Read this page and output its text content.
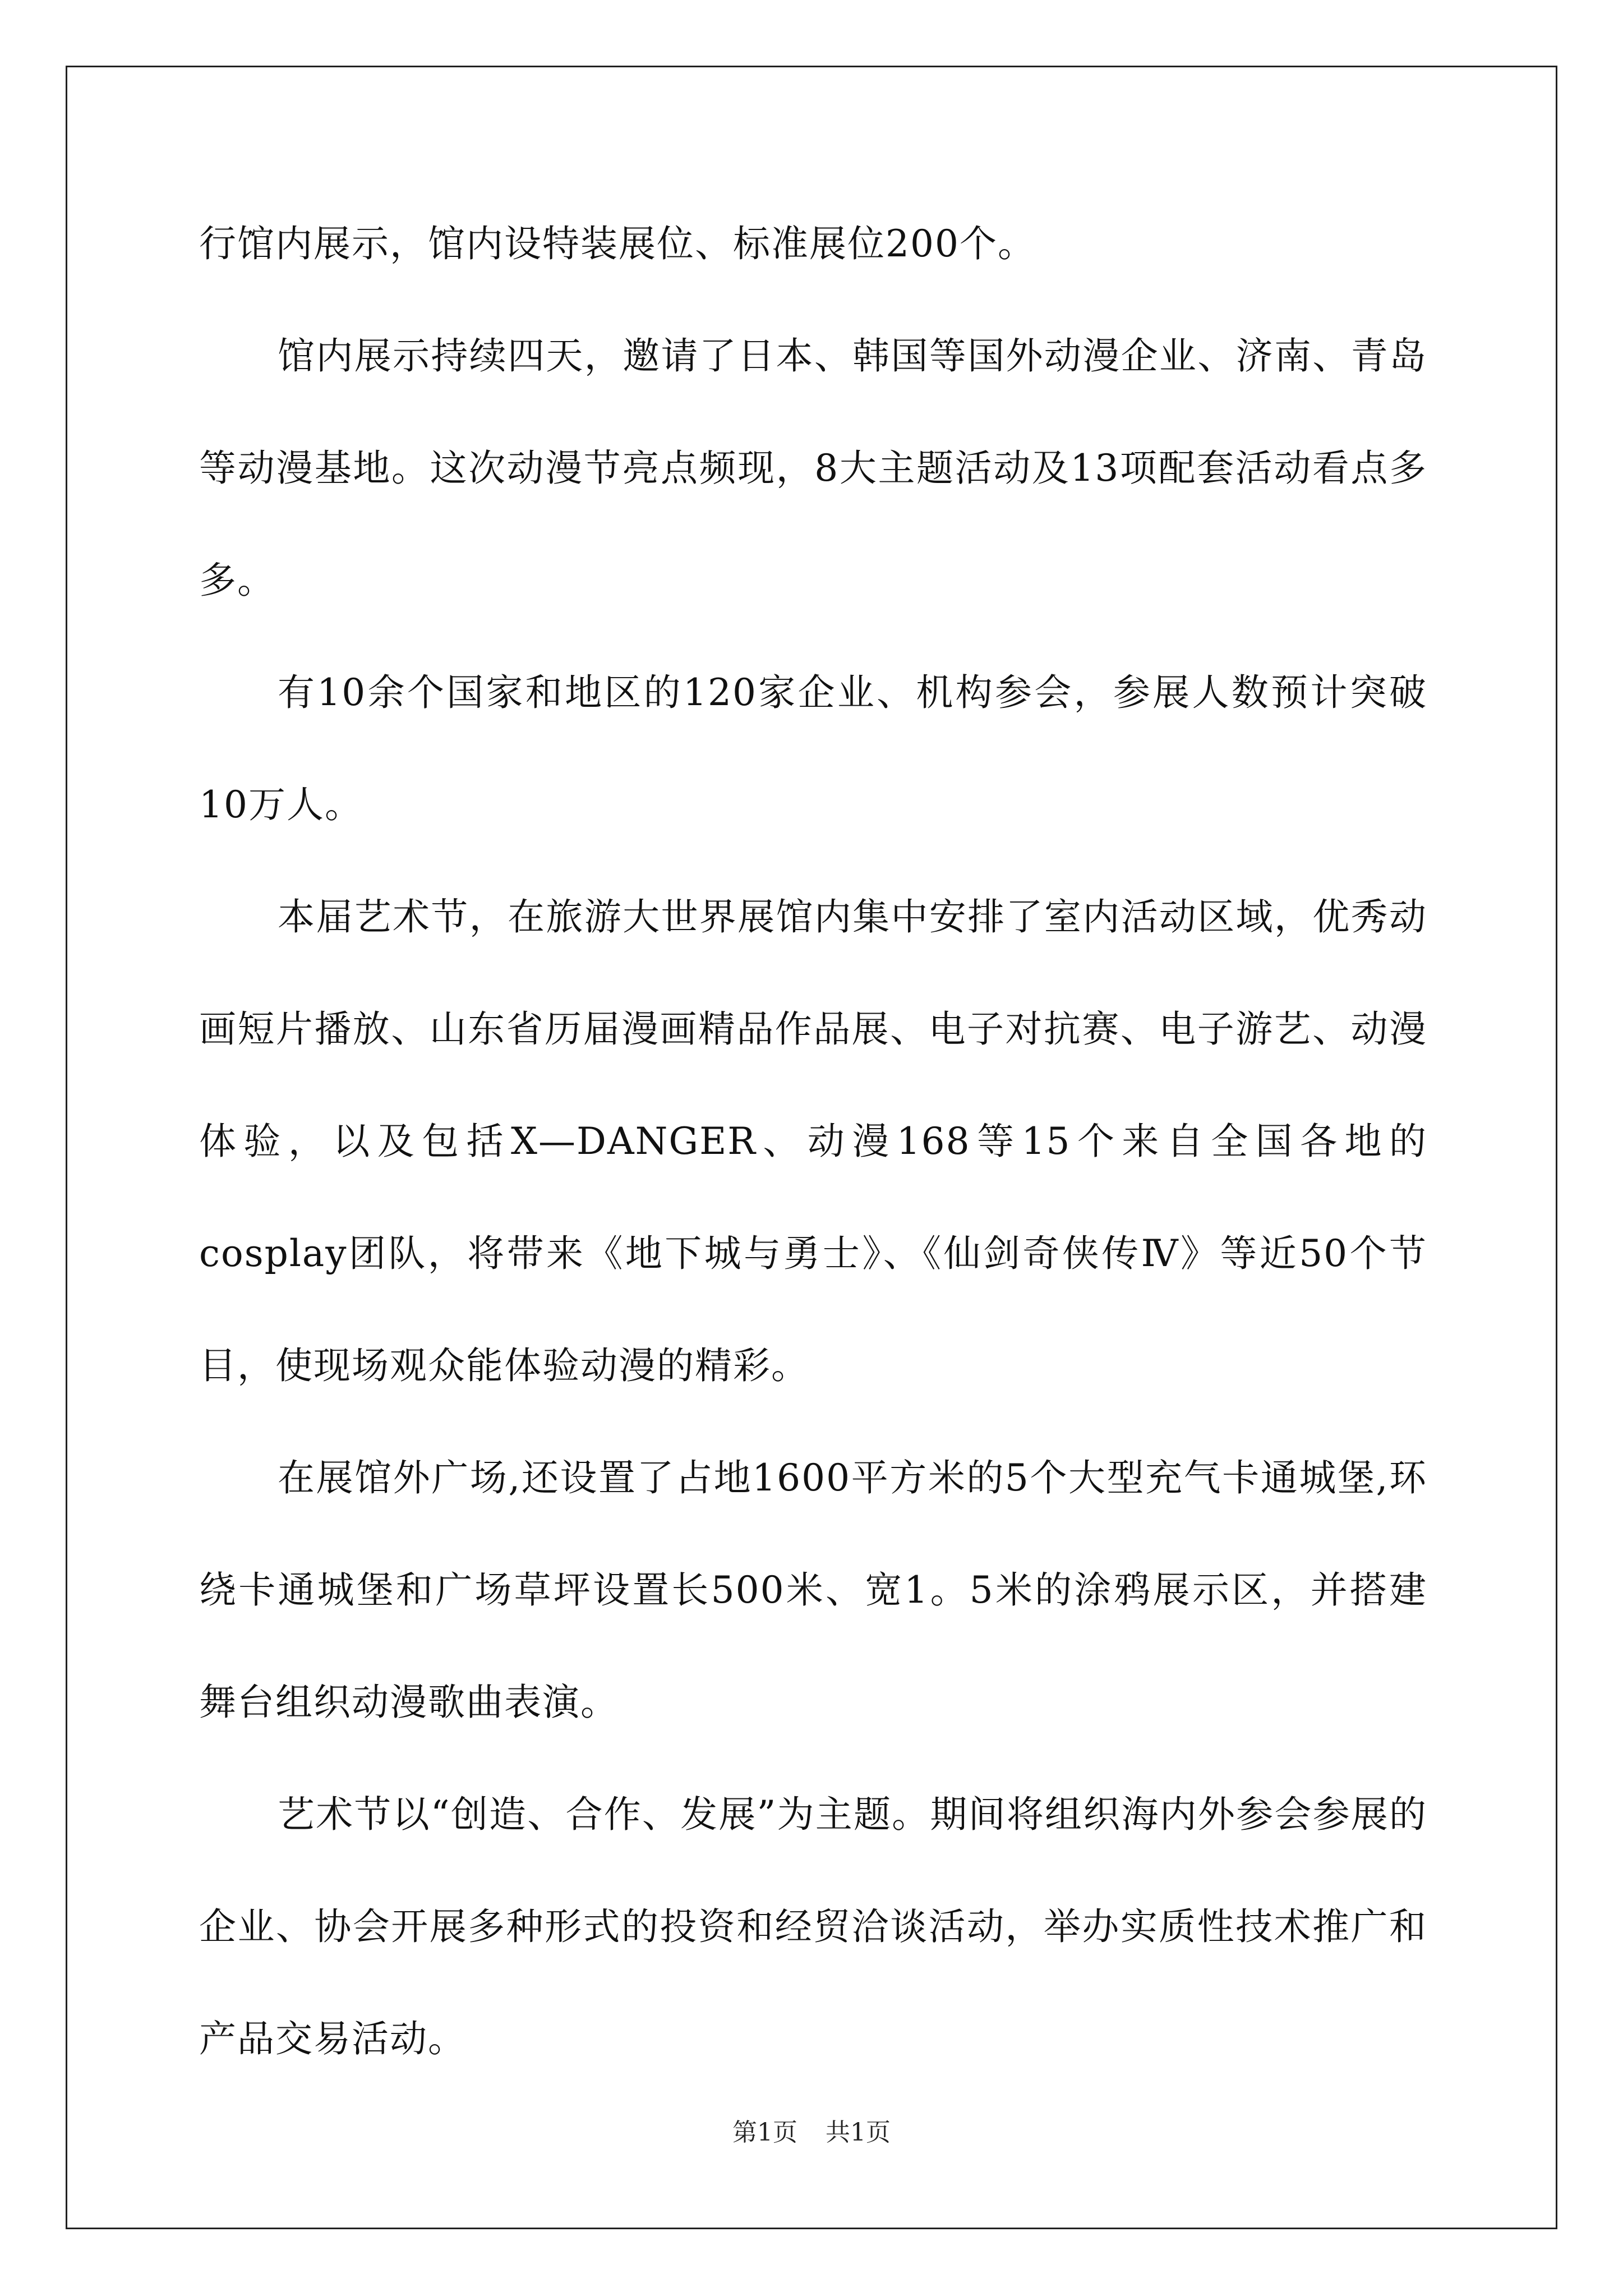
行馆内展示，馆内设特装展位、标准展位200个。

馆内展示持续四天，邀请了日本、韩国等国外动漫企业、济南、青岛等动漫基地。这次动漫节亮点频现，8大主题活动及13项配套活动看点多多。

有10余个国家和地区的120家企业、机构参会，参展人数预计突破10万人。

本届艺术节，在旅游大世界展馆内集中安排了室内活动区域，优秀动画短片播放、山东省历届漫画精品作品展、电子对抗赛、电子游艺、动漫体验，以及包括X—DANGER、动漫168等15个来自全国各地的cosplay团队，将带来《地下城与勇士》、《仙剑奇侠传Ⅳ》等近50个节目，使现场观众能体验动漫的精彩。

在展馆外广场,还设置了占地1600平方米的5个大型充气卡通城堡,环绕卡通城堡和广场草坪设置长500米、宽1。5米的涂鸦展示区，并搭建舞台组织动漫歌曲表演。

艺术节以“创造、合作、发展”为主题。期间将组织海内外参会参展的企业、协会开展多种形式的投资和经贸洽谈活动，举办实质性技术推广和产品交易活动。

第1页 共1页
